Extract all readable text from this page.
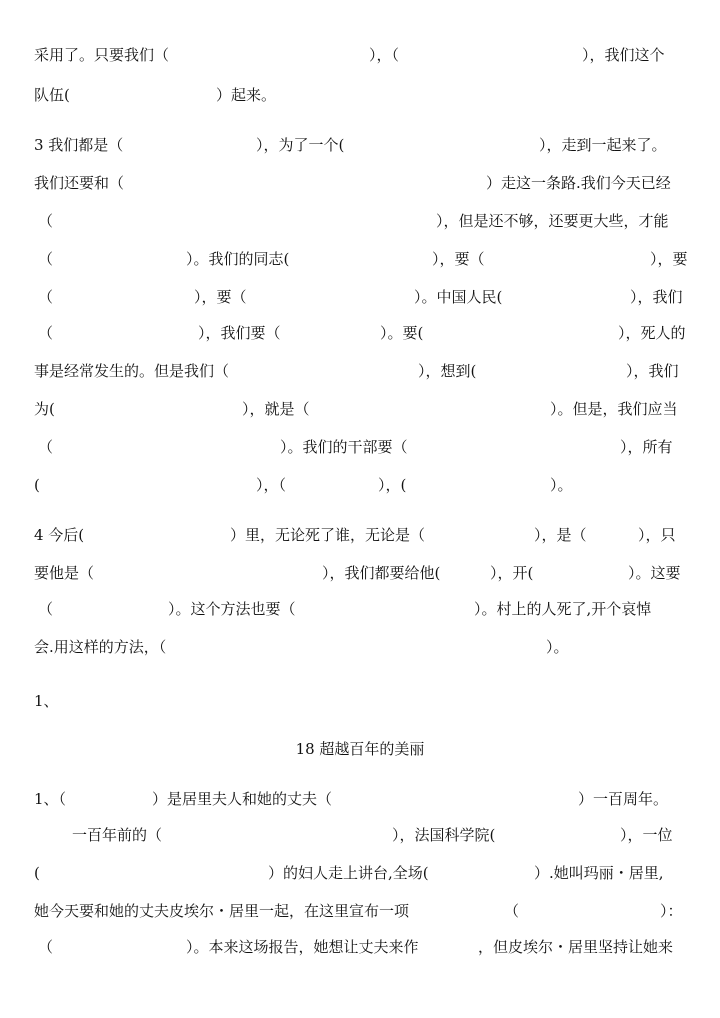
采用了。只要我们（	），（	），我们这个
队伍(	）起来。
3 我们都是（	），为了一个(	），走到一起来了。
我们还要和（	）走这一条路.我们今天已经
（	），但是还不够，还要更大些，才能
（	）。我们的同志(	），要（	），要
（	），要（	）。中国人民(	），我们
（	），我们要（	）。要(	），死人的
事是经常发生的。但是我们（	），想到(	），我们
为(	），就是（	）。但是，我们应当
（	）。我们的干部要（	），所有
(	），（	），(	）。
4 今后(	）里，无论死了谁，无论是（	），是（	），只
要他是（	），我们都要给他(	），开(	）。这要
（	）。这个方法也要（	）。村上的人死了,开个哀悼
会.用这样的方法，（	）。
1、
18 超越百年的美丽
1、（	）是居里夫人和她的丈夫（	）一百周年。
一百年前的（	），法国科学院(	），一位
(	）的妇人走上讲台,全场(	）.她叫玛丽・居里,
她今天要和她的丈夫皮埃尔・居里一起，在这里宣布一项	（	）：
（	）。本来这场报告，她想让丈夫来作	，但皮埃尔・居里坚持让她来
